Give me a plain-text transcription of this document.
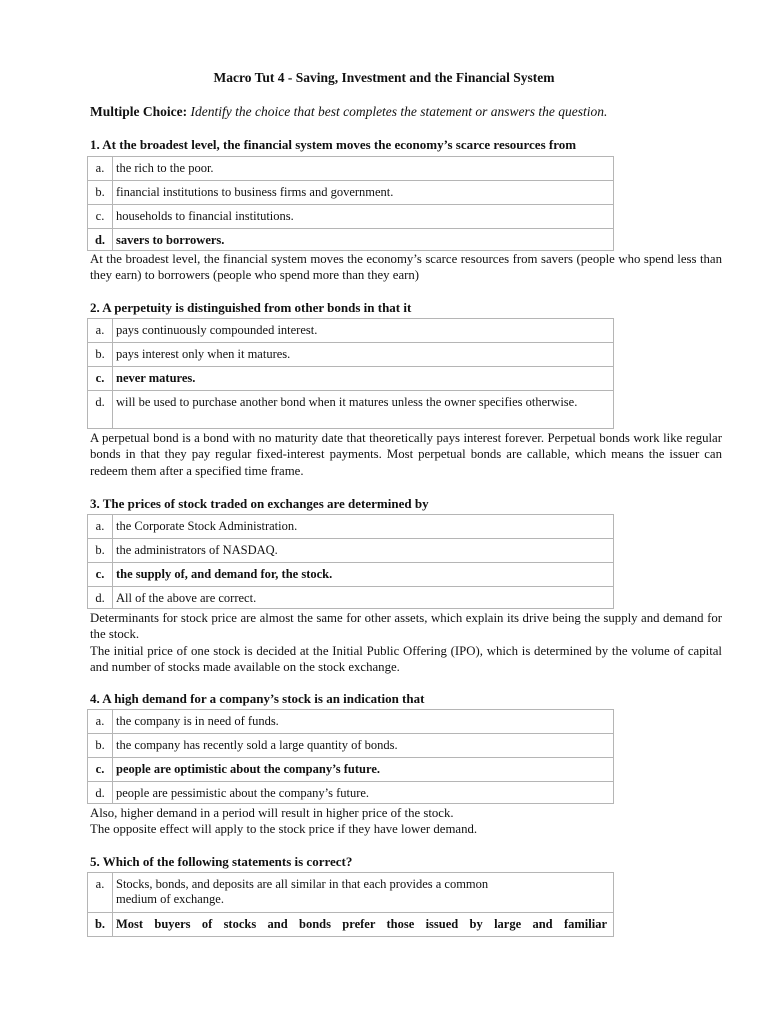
Macro Tut 4 - Saving, Investment and the Financial System
Multiple Choice: Identify the choice that best completes the statement or answers the question.
1. At the broadest level, the financial system moves the economy’s scarce resources from
a.	the rich to the poor.
b.	financial institutions to business firms and government.
c.	households to financial institutions.
d.	savers to borrowers.

At the broadest level, the financial system moves the economy’s scarce resources from savers (people who spend less than they earn) to borrowers (people who spend more than they earn)

2. A perpetuity is distinguished from other bonds in that it
a.	pays continuously compounded interest.
b.	pays interest only when it matures.
c.	never matures.
d.	will be used to purchase another bond when it matures unless the owner specifies otherwise.

A perpetual bond is a bond with no maturity date that theoretically pays interest forever. Perpetual bonds work like regular bonds in that they pay regular fixed-interest payments. Most perpetual bonds are callable, which means the issuer can redeem them after a specified time frame.

3. The prices of stock traded on exchanges are determined by
a.	the Corporate Stock Administration.
b.	the administrators of NASDAQ.
c.	the supply of, and demand for, the stock.
d.	All of the above are correct.

Determinants for stock price are almost the same for other assets, which explain its drive being the supply and demand for the stock.

The initial price of one stock is decided at the Initial Public Offering (IPO), which is determined by the volume of capital and number of stocks made available on the stock exchange.

4. A high demand for a company’s stock is an indication that
a.	the company is in need of funds.
b.	the company has recently sold a large quantity of bonds.
c.	people are optimistic about the company’s future.
d.	people are pessimistic about the company’s future.

Also, higher demand in a period will result in higher price of the stock.

The opposite effect will apply to the stock price if they have lower demand.

5. Which of the following statements is correct?
a.	Stocks, bonds, and deposits are all similar in that each provides a common medium of exchange.
b.	Most buyers of stocks and bonds prefer those issued by large and familiar
